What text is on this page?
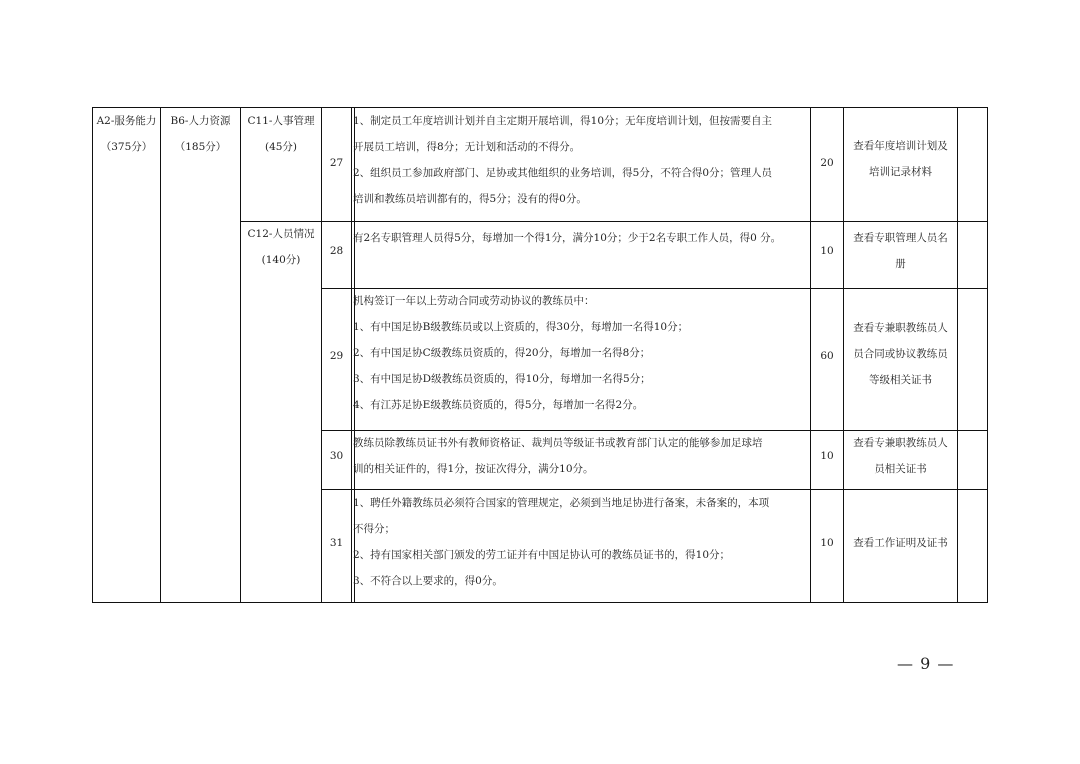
A2-服务能力
（375分）
B6-人力资源
（185分）
C11-人事管理
(45分)
C12-人员情况
(140分)
27

1、制定员工年度培训计划并自主定期开展培训，得10分；无年度培训计划，但按需要自主

开展员工培训，得8分；无计划和活动的不得分。

2、组织员工参加政府部门、足协或其他组织的业务培训，得5分，不符合得0分；管理人员

培训和教练员培训都有的，得5分；没有的得0分。

20
查看年度培训计划及
培训记录材料
28

有2名专职管理人员得5分，每增加一个得1分，满分10分；少于2名专职工作人员，得0 分。

10
查看专职管理人员名
册
29

机构签订一年以上劳动合同或劳动协议的教练员中：

1、有中国足协B级教练员或以上资质的，得30分，每增加一名得10分；

2、有中国足协C级教练员资质的，得20分，每增加一名得8分；

3、有中国足协D级教练员资质的，得10分，每增加一名得5分；

4、有江苏足协E级教练员资质的，得5分，每增加一名得2分。

60
查看专兼职教练员人
员合同或协议教练员
等级相关证书
30

教练员除教练员证书外有教师资格证、裁判员等级证书或教育部门认定的能够参加足球培

训的相关证件的，得1分，按证次得分，满分10分。

10
查看专兼职教练员人
员相关证书
31

1、聘任外籍教练员必须符合国家的管理规定，必须到当地足协进行备案，未备案的，本项

不得分；

2、持有国家相关部门颁发的劳工证并有中国足协认可的教练员证书的，得10分；

3、不符合以上要求的，得0分。

10	查看工作证明及证书
— 9 —
